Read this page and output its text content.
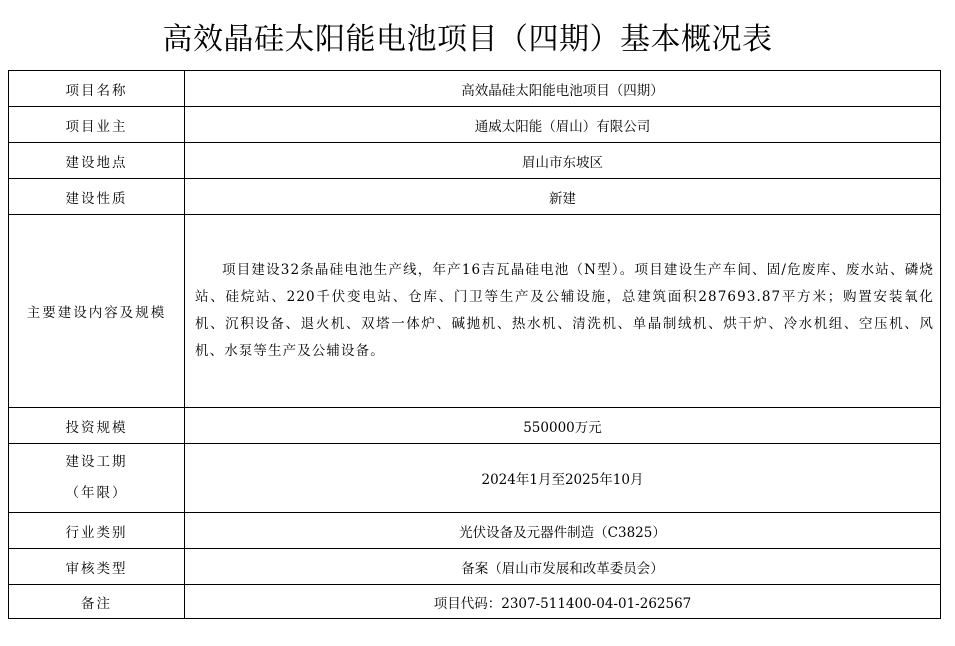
高效晶硅太阳能电池项目（四期）基本概况表
项目名称	高效晶硅太阳能电池项目（四期）
项目业主	通威太阳能（眉山）有限公司
建设地点	眉山市东坡区
建设性质	新建
主要建设内容及规模	项目建设32条晶硅电池生产线，年产16吉瓦晶硅电池（N型）。项目建设生产车间、固/危废库、废水站、磷烧站、硅烷站、220千伏变电站、仓库、门卫等生产及公辅设施，总建筑面积287693.87平方米；购置安装氧化机、沉积设备、退火机、双塔一体炉、碱抛机、热水机、清洗机、单晶制绒机、烘干炉、冷水机组、空压机、风机、水泵等生产及公辅设备。

投资规模	550000万元

建设工期
（年限）	2024年1月至2025年10月
行业类别	光伏设备及元器件制造（C3825）
审核类型	备案（眉山市发展和改革委员会）
备注	项目代码：2307-511400-04-01-262567
